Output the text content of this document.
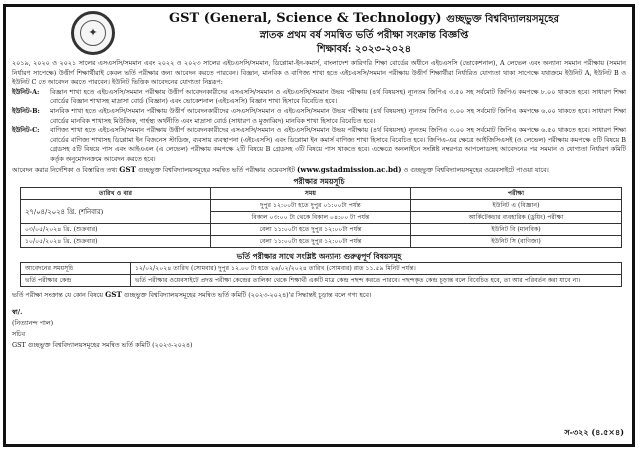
✦
GST (General, Science & Technology) গুচ্ছভুক্ত বিশ্ববিদ্যালয়সমূহের
স্নাতক প্রথম বর্ষ সমন্বিত ভর্তি পরীক্ষা সংক্রান্ত বিজ্ঞপ্তি
শিক্ষাবর্ষ: ২০২৩-২০২৪
২০১৯, ২০২০ ও ২০২১ সালের এসএসসি/সমমান এবং ২০২২ ও ২০২৩ সালের এইচএসসি/সমমান, ডিপ্লোমা-ইন-কমার্স, বাংলাদেশ কারিগরি শিক্ষা বোর্ডের অধীনে এইচএসসি (ভোকেশনাল), A লেভেল এবং অন্যান্য সমমান পরীক্ষায় (সমমান নির্ধারণ সাপেক্ষে) উত্তীর্ণ শিক্ষার্থীরাই কেবল ভর্তি পরীক্ষার জন্য আবেদন করতে পারবেন। বিজ্ঞান, মানবিক ও বাণিজ্য শাখা হতে এইচএসসি/সমমান পরীক্ষায় উত্তীর্ণ শিক্ষার্থীরা নির্ধারিত যোগ্যতা থাকা সাপেক্ষে যথাক্রমে ইউনিট A, ইউনিট B ও ইউনিট C তে আবেদন করতে পারবেন। ইউনিট ভিত্তিক আবেদনের যোগ্যতা নিম্নরূপ:
ইউনিট-A:	বিজ্ঞান শাখা হতে এইচএসসি/সমমান পরীক্ষায় উত্তীর্ণ আবেদনকারীদের এসএসসি/সমমান ও এইচএসসি/সমমান উভয় পরীক্ষায় (৪র্থ বিষয়সহ) ন্যূনতম জিপিএ ৩.৫০ সহ সর্বমোট জিপিএ কমপক্ষে ৮.০০ থাকতে হবে। সাধারণ শিক্ষা বোর্ডের বিজ্ঞান শাখাসহ মাদ্রাসা বোর্ড (বিজ্ঞান) এবং ভোকেশনাল (এইচএসসি) বিজ্ঞান শাখা হিসাবে বিবেচিত হবে।
ইউনিট-B:	মানবিক শাখা হতে এইচএসসি/সমমান পরীক্ষায় উত্তীর্ণ আবেদনকারীদের এসএসসি/সমমান ও এইচএসসি/সমমান উভয় পরীক্ষায় (৪র্থ বিষয়সহ) ন্যূনতম জিপিএ ৩.০০ সহ সর্বমোট জিপিএ কমপক্ষে ৬.০০ থাকতে হবে। সাধারণ শিক্ষা বোর্ডের মানবিক শাখাসহ মিউজিক, গার্হস্থ্য অর্থনীতি এবং মাদ্রাসা বোর্ড (সাধারণ ও মুজাব্বিদ) মানবিক শাখা হিসাবে বিবেচিত হবে।
ইউনিট-C:	বাণিজ্য শাখা হতে এইচএসসি/সমমান পরীক্ষায় উত্তীর্ণ আবেদনকারীদের এসএসসি/সমমান ও এইচএসসি/সমমান উভয় পরীক্ষায় (৪র্থ বিষয়সহ) ন্যূনতম জিপিএ ৩.০০ সহ সর্বমোট জিপিএ কমপক্ষে ৬.৫০ থাকতে হবে। সাধারণ শিক্ষা বোর্ডের বাণিজ্য শাখাসহ ডিপ্লোমা ইন বিজনেস স্টাডিজ, ব্যবসায় ব্যবস্থাপনা (এইচএসসি) এবং ডিপ্লোমা ইন কমার্স বাণিজ্য শাখা হিসাবে বিবেচিত হবে। জিপিএ-এর ক্ষেত্রে আইজিসিএসই (ও লেভেল) পরীক্ষায় কমপক্ষে ৫টি বিষয়ে B গ্রেডসহ ৫টি বিষয়ে পাস এবং আইএএল (এ লেভেল) পরীক্ষায় কমপক্ষে ২টি বিষয়ে B গ্রেডসহ ৩টি বিষয়ে পাস থাকতে হবে। এক্ষেত্রে অনলাইনে সংশ্লিষ্ট নম্বরপত্র আপলোডসহ আবেদনের পর সমমান ও যোগ্যতা নির্ধারণ কমিটি কর্তৃক অনুমোদনক্রমে আবেদন করতে হবে।
আবেদন করার নির্দেশিকা ও বিস্তারিত তথ্য GST গুচ্ছভুক্ত বিশ্ববিদ্যালয়সমূহের সমন্বিত ভর্তি পরীক্ষার ওয়েবসাইট (www.gstadmission.ac.bd) ও গুচ্ছভুক্ত বিশ্ববিদ্যালয়সমূহের ওয়েবসাইটে পাওয়া যাবে।
পরীক্ষার সময়সূচি
তারিখ ও বার	সময়	পরীক্ষা
২৭/০৪/২০২৪ খ্রি. (শনিবার)	দুপুর ১২:০০টা হতে দুপুর ০১:০০টা পর্যন্ত	ইউনিট এ (বিজ্ঞান)
	বিকাল ০৩:০০ টা থেকে বিকাল ০৪:০০ টা পর্যন্ত	আর্কিটেকচার ব্যবহারিক (ড্রয়িং) পরীক্ষা
০৩/০৫/২০২৪ খ্রি. (শুক্রবার)	বেলা ১১:০০টা হতে দুপুর ১২:০০টা পর্যন্ত	ইউনিট বি (মানবিক)
১০/০৫/২০২৪ খ্রি. (শুক্রবার)	বেলা ১১:০০টা হতে দুপুর ১২:০০টা পর্যন্ত	ইউনিট সি (বাণিজ্য)
ভর্তি পরীক্ষার সাথে সংশ্লিষ্ট অন্যান্য গুরুত্বপূর্ণ বিষয়সমূহ
আবেদনের সময়সূচি	১২/০২/২০২৪ তারিখ (সোমবার) দুপুর ১২.০০ টা হতে ২৬/০২/২০২৪ তারিখ (সোমবার) রাত ১১.৫৯ মিনিট পর্যন্ত।
ভর্তি পরীক্ষার কেন্দ্র	ভর্তি পরীক্ষার ওয়েবসাইটে প্রদত্ত পরীক্ষা কেন্দ্রের তালিকা থেকে শিক্ষার্থী একটি মাত্র কেন্দ্র পছন্দ করতে পারবে। পছন্দকৃত কেন্দ্র চূড়ান্ত বলে বিবেচিত হবে, তা আর পরিবর্তন করা যাবে না।
ভর্তি পরীক্ষা সংক্রান্ত যে কোন বিষয়ে GST গুচ্ছভুক্ত বিশ্ববিদ্যালয়সমূহের সমন্বিত ভর্তি কমিটি (২০২৩-২০২৪)'র সিদ্ধান্তই চূড়ান্ত বলে গণ্য হবে।
স্বা/.
(নিত্যানন্দ পাল)
সচিব
GST গুচ্ছভুক্ত বিশ্ববিদ্যালয়সমূহের সমন্বিত ভর্তি কমিটি (২০২৩-২০২৪)
স-৩২২ (৪.৫×৪)
